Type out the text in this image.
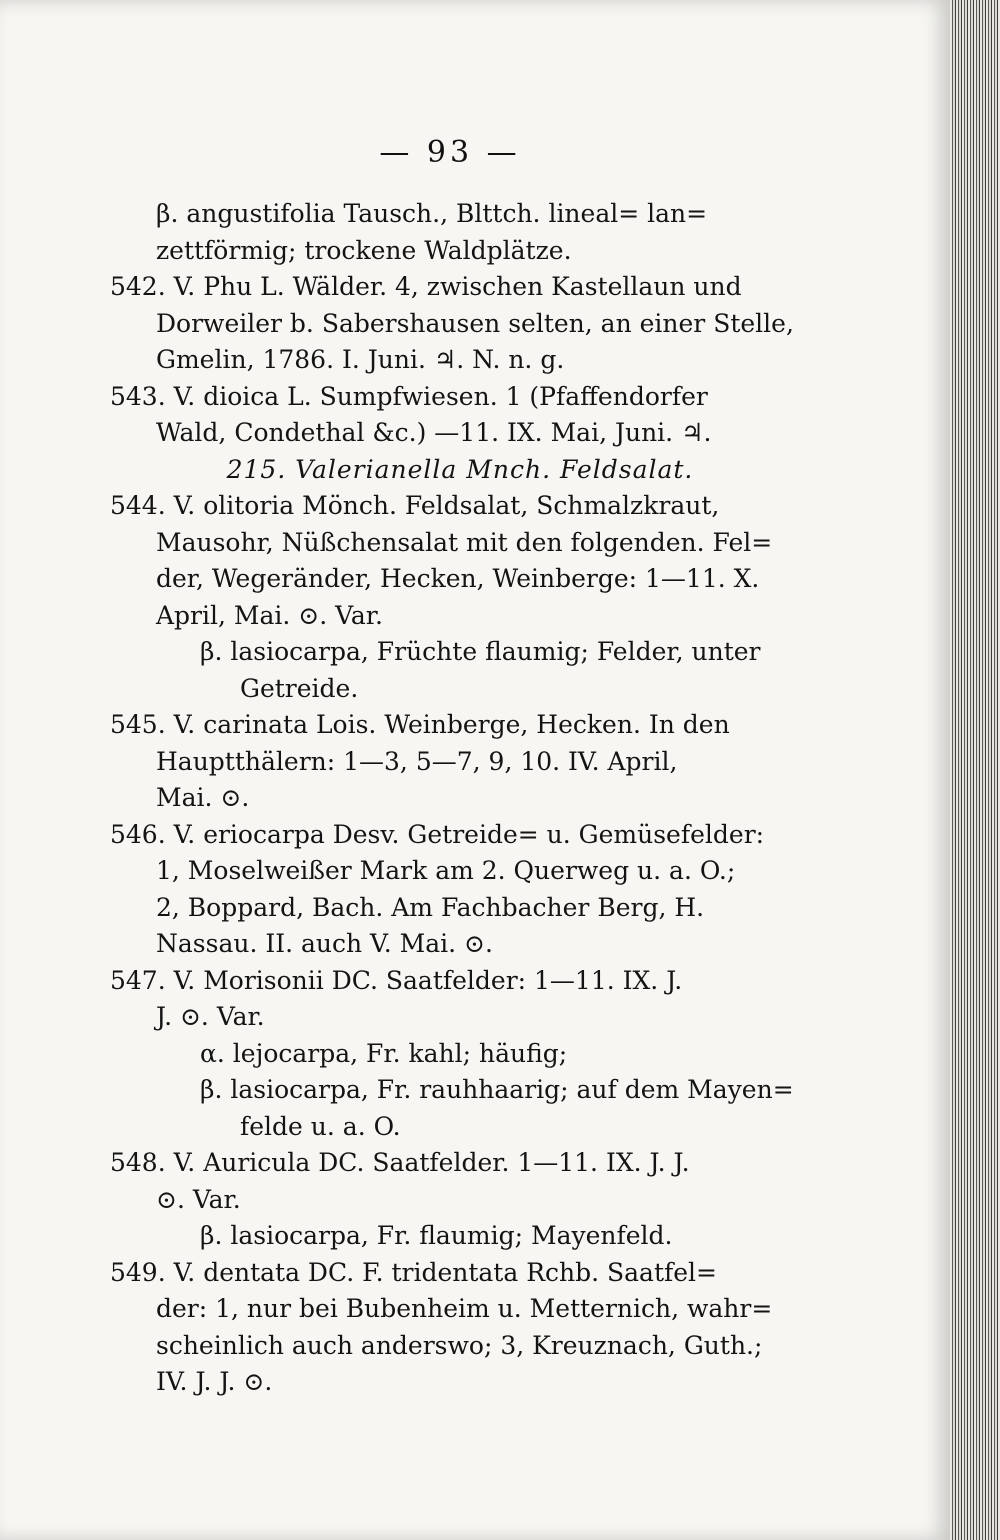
— 93 —
β. angustifolia Tausch., Blttch. lineal= lan=
zettförmig; trockene Waldplätze.
542. V. Phu L. Wälder. 4, zwischen Kastellaun und
Dorweiler b. Sabershausen selten, an einer Stelle,
Gmelin, 1786. I. Juni. ♃. N. n. g.
543. V. dioica L. Sumpfwiesen. 1 (Pfaffendorfer
Wald, Condethal &c.) —11. IX. Mai, Juni. ♃.
215. Valerianella Mnch. Feldsalat.
544. V. olitoria Mönch. Feldsalat, Schmalzkraut,
Mausohr, Nüßchensalat mit den folgenden. Fel=
der, Wegeränder, Hecken, Weinberge: 1—11. X.
April, Mai. ⊙. Var.
β. lasiocarpa, Früchte flaumig; Felder, unter
Getreide.
545. V. carinata Lois. Weinberge, Hecken. In den
Hauptthälern: 1—3, 5—7, 9, 10. IV. April,
Mai. ⊙.
546. V. eriocarpa Desv. Getreide= u. Gemüsefelder:
1, Moselweißer Mark am 2. Querweg u. a. O.;
2, Boppard, Bach. Am Fachbacher Berg, H.
Nassau. II. auch V. Mai. ⊙.
547. V. Morisonii DC. Saatfelder: 1—11. IX. J.
J. ⊙. Var.
α. lejocarpa, Fr. kahl; häufig;
β. lasiocarpa, Fr. rauhhaarig; auf dem Mayen=
felde u. a. O.
548. V. Auricula DC. Saatfelder. 1—11. IX. J. J.
⊙. Var.
β. lasiocarpa, Fr. flaumig; Mayenfeld.
549. V. dentata DC. F. tridentata Rchb. Saatfel=
der: 1, nur bei Bubenheim u. Metternich, wahr=
scheinlich auch anderswo; 3, Kreuznach, Guth.;
IV. J. J. ⊙.
